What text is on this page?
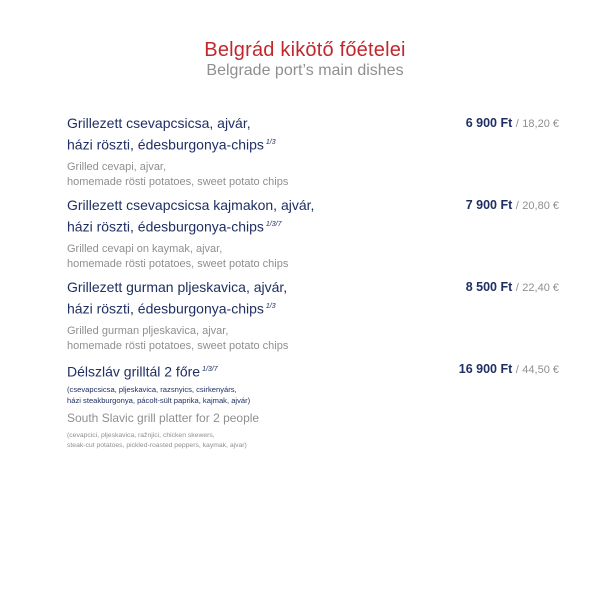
Belgrád kikötő főételei
Belgrade port’s main dishes
Grillezett csevapcsicsa, ajvár,
házi röszti, édesburgonya-chips $^{1/3}$
6 900 Ft / 18,20 €
Grilled cevapi, ajvar,
homemade rösti potatoes, sweet potato chips
Grillezett csevapcsicsa kajmakon, ajvár,
házi röszti, édesburgonya-chips $^{1/3/7}$
7 900 Ft / 20,80 €
Grilled cevapi on kaymak, ajvar,
homemade rösti potatoes, sweet potato chips
Grillezett gurman pljeskavica, ajvár,
házi röszti, édesburgonya-chips $^{1/3}$
8 500 Ft / 22,40 €
Grilled gurman pljeskavica, ajvar,
homemade rösti potatoes, sweet potato chips
Délszláv grilltál 2 főre $^{1/3/7}$	16 900 Ft / 44,50 €
(csevapcsicsa, pljeskavica, razsnyics, csirkenyárs,
házi steakburgonya, pácolt-sült paprika, kajmak, ajvár)
South Slavic grill platter for 2 people
(cevapcici, pljeskavica, ražnjici, chicken skewers,
steak-cut potatoes, pickled-roasted peppers, kaymak, ajvar)
